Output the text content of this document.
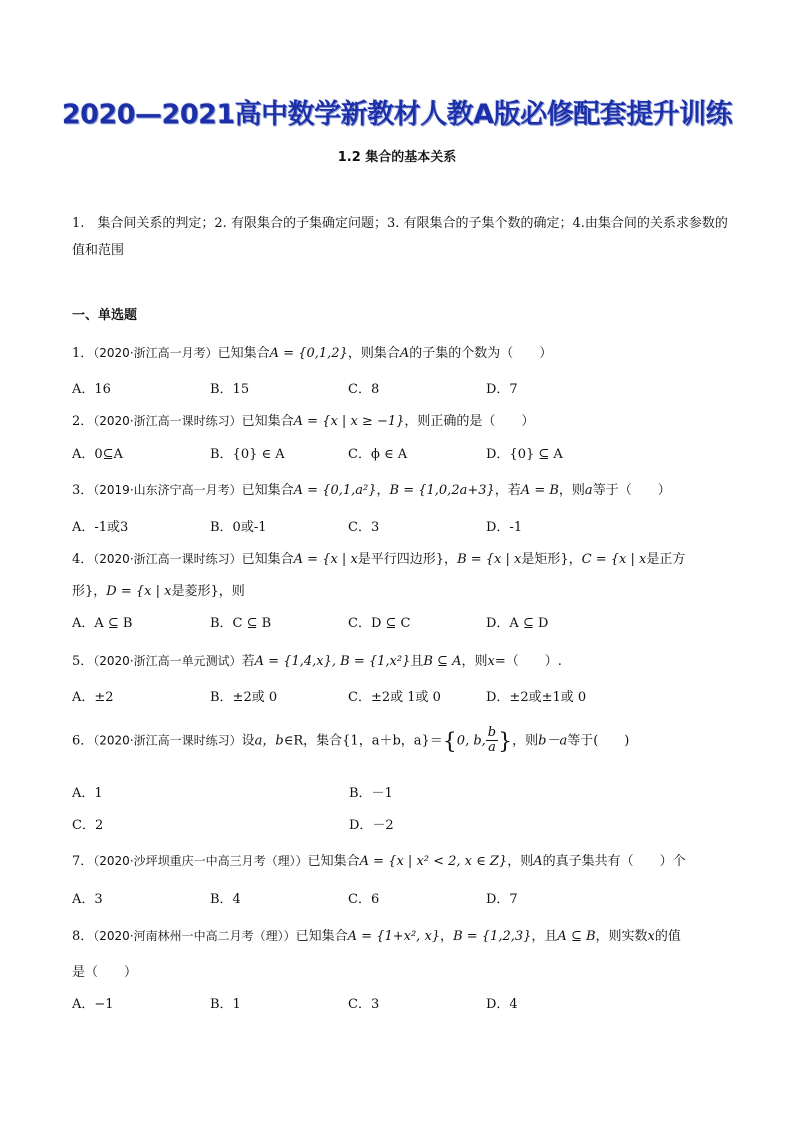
2020—2021高中数学新教材人教A版必修配套提升训练
1.2 集合的基本关系
1.　集合间关系的判定；2. 有限集合的子集确定问题；3. 有限集合的子集个数的确定；4.由集合间的关系求参数的值和范围
一、单选题
1．（2020·浙江高一月考）已知集合A = {0,1,2}，则集合A的子集的个数为（　　）
A．16	B．15	C．8	D．7
2．（2020·浙江高一课时练习）已知集合A = {x | x ≥ −1}，则正确的是（　　）
A．0⊆A	B．{0} ∈ A	C．ϕ ∈ A	D．{0} ⊆ A
3．（2019·山东济宁高一月考）已知集合A = {0,1,a²}，B = {1,0,2a+3}，若A = B，则a等于（　　）
A．-1或3	B．0或-1	C．3	D．-1
4．（2020·浙江高一课时练习）已知集合A = {x | x是平行四边形}，B = {x | x是矩形}，C = {x | x是正方
形}，D = {x | x是菱形}，则
A．A ⊆ B	B．C ⊆ B	C．D ⊆ C	D．A ⊆ D
5．（2020·浙江高一单元测试）若A = {1,4,x}, B = {1,x²}且B ⊆ A，则x=（　　）.
A．±2	B．±2或 0	C．±2或 1或 0	D．±2或±1或 0
6．（2020·浙江高一课时练习）设a，b∈R，集合{1，a＋b，a}＝{0, b, $\frac{b}{a}$ }，则b－a等于(　　)
A．1	B．－1
C．2	D．－2
7．（2020·沙坪坝重庆一中高三月考（理））已知集合A = {x | x² < 2, x ∈ Z}，则A的真子集共有（　　）个
A．3	B．4	C．6	D．7
8．（2020·河南林州一中高二月考（理））已知集合A = {1+x², x}，B = {1,2,3}，且A ⊆ B，则实数x的值
是（　　）
A．−1	B．1	C．3	D．4
